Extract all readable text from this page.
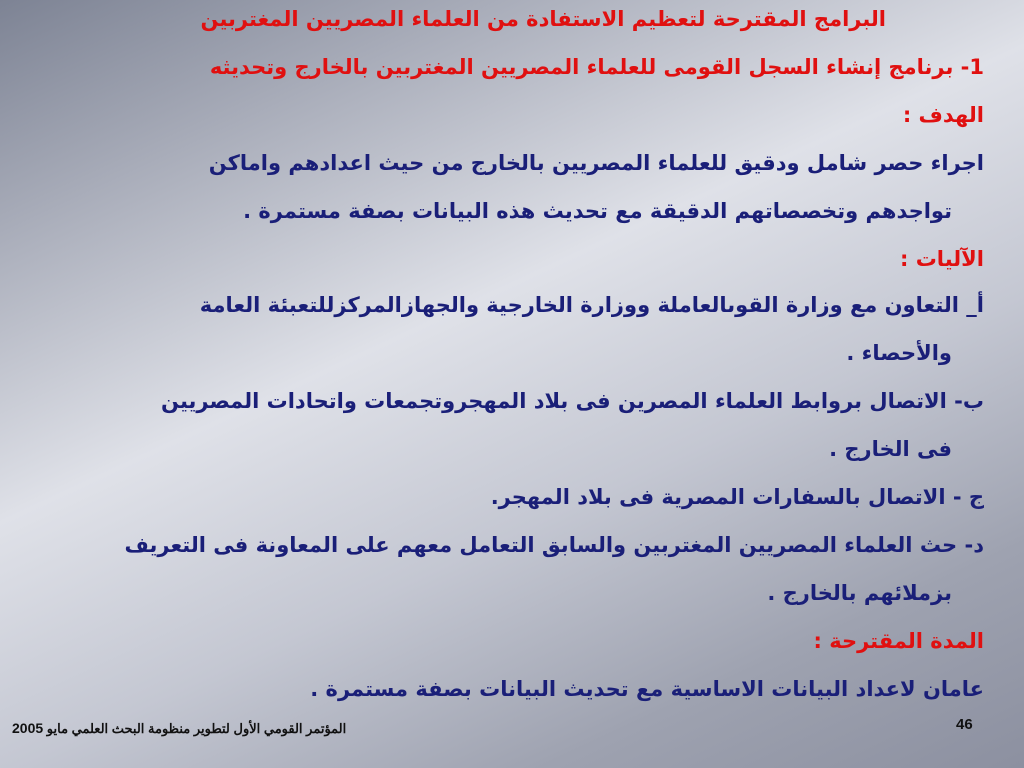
البرامج المقترحة لتعظيم الاستفادة من العلماء المصريين المغتربين
1- برنامج إنشاء السجل القومى للعلماء المصريين المغتربين بالخارج وتحديثه
الهدف :
اجراء حصر شامل ودقيق للعلماء المصريين بالخارج من حيث اعدادهم واماكن
تواجدهم وتخصصاتهم الدقيقة مع تحديث هذه البيانات بصفة مستمرة .
الآليات :
أ_ التعاون مع وزارة القوىالعاملة ووزارة الخارجية والجهازالمركزللتعبئة العامة
والأحصاء .
ب- الاتصال بروابط العلماء المصرين فى بلاد المهجروتجمعات واتحادات المصريين
فى الخارج .
ج - الاتصال بالسفارات المصرية فى بلاد المهجر.
د- حث العلماء المصريين المغتربين والسابق التعامل معهم على المعاونة فى التعريف
بزملائهم بالخارج .
المدة المقترحة :
عامان لاعداد البيانات الاساسية مع تحديث البيانات بصفة مستمرة .
المؤتمر القومي الأول لتطوير منظومة البحث العلمي مايو 2005	46
